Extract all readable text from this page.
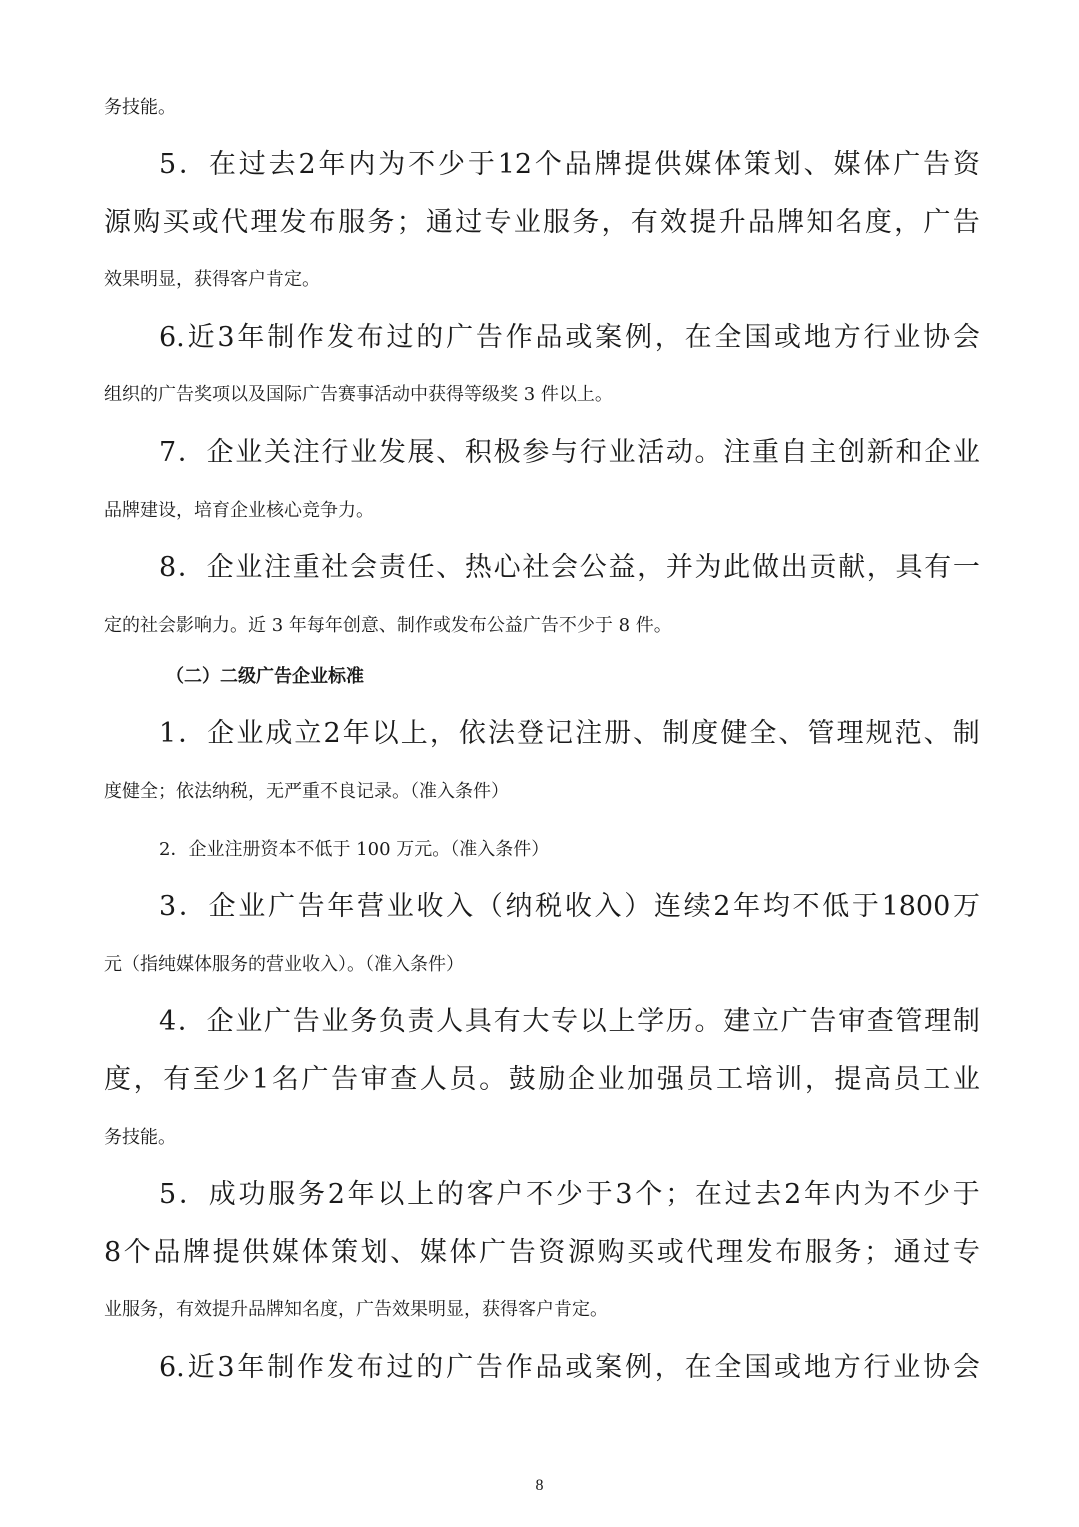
务技能。
5 ． 在 过 去 2 年 内 为 不 少 于 12 个 品 牌 提 供 媒 体 策 划 、 媒 体 广 告 资
源 购 买 或 代 理 发 布 服 务 ； 通 过 专 业 服 务 ， 有 效 提 升 品 牌 知 名 度 ， 广 告
效果明显，获得客户肯定。
6. 近 3 年 制 作 发 布 过 的 广 告 作 品 或 案 例 ， 在 全 国 或 地 方 行 业 协 会
组织的广告奖项以及国际广告赛事活动中获得等级奖 3 件以上。
7 ． 企 业 关 注 行 业 发 展 、 积 极 参 与 行 业 活 动 。 注 重 自 主 创 新 和 企 业
品牌建设，培育企业核心竞争力。
8 ． 企 业 注 重 社 会 责 任 、 热 心 社 会 公 益 ， 并 为 此 做 出 贡 献 ， 具 有 一
定的社会影响力。近 3 年每年创意、制作或发布公益广告不少于 8 件。
（二）二级广告企业标准
1 ． 企 业 成 立 2 年 以 上 ， 依 法 登 记 注 册 、 制 度 健 全 、 管 理 规 范 、 制
度健全；依法纳税，无严重不良记录。（准入条件）
2．企业注册资本不低于 100 万元。（准入条件）
3 ． 企 业 广 告 年 营 业 收 入 （ 纳 税 收 入 ） 连 续 2 年 均 不 低 于 1800 万
元（指纯媒体服务的营业收入）。（准入条件）
4 ． 企 业 广 告 业 务 负 责 人 具 有 大 专 以 上 学 历 。 建 立 广 告 审 查 管 理 制
度 ， 有 至 少 1 名 广 告 审 查 人 员 。 鼓 励 企 业 加 强 员 工 培 训 ， 提 高 员 工 业
务技能。
5 ． 成 功 服 务 2 年 以 上 的 客 户 不 少 于 3 个 ； 在 过 去 2 年 内 为 不 少 于
8 个 品 牌 提 供 媒 体 策 划 、 媒 体 广 告 资 源 购 买 或 代 理 发 布 服 务 ； 通 过 专
业服务，有效提升品牌知名度，广告效果明显，获得客户肯定。
6. 近 3 年 制 作 发 布 过 的 广 告 作 品 或 案 例 ， 在 全 国 或 地 方 行 业 协 会
8
